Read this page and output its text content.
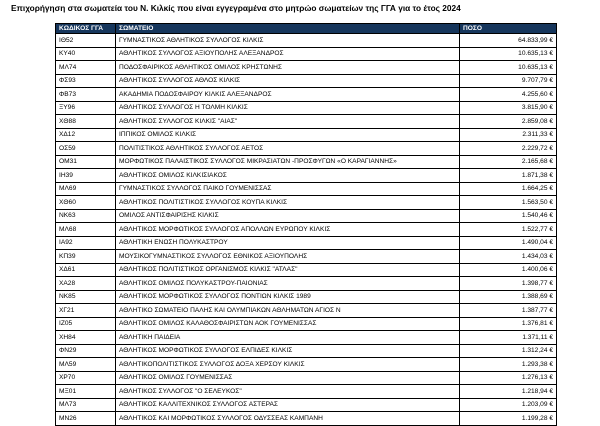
Επιχορήγηση στα σωματεία του Ν. Κιλκίς που είναι εγγεγραμένα στο μητρώο σωματείων της ΓΓΑ για το έτος 2024
ΚΩΔΙΚΟΣ ΓΓΑ	ΣΩΜΑΤΕΙΟ	ΠΟΣΟ
ΙΘ52	ΓΥΜΝΑΣΤΙΚΟΣ ΑΘΛΗΤΙΚΟΣ ΣΥΛΛΟΓΟΣ ΚΙΛΚΙΣ	64.833,99 €
ΚΥ40	ΑΘΛΗΤΙΚΟΣ ΣΥΛΛΟΓΟΣ ΑΞΙΟΥΠΟΛΗΣ ΑΛΕΞΑΝΔΡΟΣ	10.635,13 €
ΜΛ74	ΠΟΔΟΣΦΑΙΡΙΚΟΣ ΑΘΛΗΤΙΚΟΣ ΟΜΙΛΟΣ ΚΡΗΣΤΩΝΗΣ	10.635,13 €
ΦΣ93	ΑΘΛΗΤΙΚΟΣ ΣΥΛΛΟΓΟΣ ΑΘΛΟΣ ΚΙΛΚΙΣ	9.707,79 €
ΦΒ73	ΑΚΑΔΗΜΙΑ ΠΟΔΟΣΦΑΙΡΟΥ ΚΙΛΚΙΣ ΑΛΕΞΑΝΔΡΟΣ	4.255,60 €
ΞΥ96	ΑΘΛΗΤΙΚΟΣ ΣΥΛΛΟΓΟΣ Η ΤΟΛΜΗ ΚΙΛΚΙΣ	3.815,90 €
ΧΘ88	ΑΘΛΗΤΙΚΟΣ ΣΥΛΛΟΓΟΣ ΚΙΛΚΙΣ "ΑΙΑΣ"	2.859,08 €
ΧΔ12	ΙΠΠΙΚΟΣ ΟΜΙΛΟΣ ΚΙΛΚΙΣ	2.311,33 €
ΟΣ59	ΠΟΛΙΤΙΣΤΙΚΟΣ ΑΘΛΗΤΙΚΟΣ ΣΥΛΛΟΓΟΣ ΑΕΤΟΣ	2.229,72 €
ΟΜ31	ΜΟΡΦΩΤΙΚΟΣ ΠΑΛΑΙΣΤΙΚΟΣ ΣΥΛΛΟΓΟΣ ΜΙΚΡΑΣΙΑΤΩΝ -ΠΡΟΣΦΥΓΩΝ «Ο ΚΑΡΑΓΙΑΝΝΗΣ»	2.165,68 €
ΙΗ39	ΑΘΛΗΤΙΚΟΣ ΟΜΙΛΟΣ ΚΙΛΚΙΣΙΑΚΟΣ	1.871,38 €
ΜΛ69	ΓΥΜΝΑΣΤΙΚΟΣ ΣΥΛΛΟΓΟΣ ΠΑΙΚΟ ΓΟΥΜΕΝΙΣΣΑΣ	1.664,25 €
ΧΘ60	ΑΘΛΗΤΙΚΟΣ ΠΟΛΙΤΙΣΤΙΚΟΣ ΣΥΛΛΟΓΟΣ ΚΟΥΠΑ ΚΙΛΚΙΣ	1.563,50 €
ΝΚ63	ΟΜΙΛΟΣ ΑΝΤΙΣΦΑΙΡΙΣΗΣ ΚΙΛΚΙΣ	1.540,46 €
ΜΛ68	ΑΘΛΗΤΙΚΟΣ ΜΟΡΦΩΤΙΚΟΣ ΣΥΛΛΟΓΟΣ ΑΠΟΛΛΩΝ ΕΥΡΩΠΟΥ ΚΙΛΚΙΣ	1.522,77 €
ΙΑ92	ΑΘΛΗΤΙΚΗ ΕΝΩΣΗ ΠΟΛΥΚΑΣΤΡΟΥ	1.490,04 €
ΚΠ39	ΜΟΥΣΙΚΟΓΥΜΝΑΣΤΙΚΟΣ ΣΥΛΛΟΓΟΣ ΕΘΝΙΚΟΣ ΑΞΙΟΥΠΟΛΗΣ	1.434,03 €
ΧΔ61	ΑΘΛΗΤΙΚΟΣ ΠΟΛΙΤΙΣΤΙΚΟΣ ΟΡΓΑΝΙΣΜΟΣ ΚΙΛΚΙΣ "ΑΤΛΑΣ"	1.400,06 €
ΧΑ28	ΑΘΛΗΤΙΚΟΣ ΟΜΙΛΟΣ ΠΟΛΥΚΑΣΤΡΟΥ-ΠΑΙΟΝΙΑΣ	1.398,77 €
ΝΚ85	ΑΘΛΗΤΙΚΟΣ ΜΟΡΦΩΤΙΚΟΣ ΣΥΛΛΟΓΟΣ ΠΟΝΤΙΩΝ ΚΙΛΚΙΣ 1989	1.388,69 €
ΧΓ21	ΑΘΛΗΤΙΚΟ ΣΩΜΑΤΕΙΟ ΠΑΛΗΣ ΚΑΙ ΟΛΥΜΠΙΑΚΩΝ ΑΘΛΗΜΑΤΩΝ ΑΓΙΟΣ Ν	1.387,77 €
ΙΖ05	ΑΘΛΗΤΙΚΟΣ ΟΜΙΛΟΣ ΚΑΛΑΘΟΣΦΑΙΡΙΣΤΩΝ ΑΟΚ ΓΟΥΜΕΝΙΣΣΑΣ	1.376,81 €
ΧΗ84	ΑΘΛΗΤΙΚΗ ΠΑΙΔΕΙΑ	1.371,11 €
ΦΝ29	ΑΘΛΗΤΙΚΟΣ ΜΟΡΦΩΤΙΚΟΣ ΣΥΛΛΟΓΟΣ ΕΛΠΙΔΕΣ ΚΙΛΚΙΣ	1.312,24 €
ΜΛ59	ΑΘΛΗΤΙΚΟΠΟΛΙΤΙΣΤΙΚΟΣ ΣΥΛΛΟΓΟΣ ΔΟΞΑ ΧΕΡΣΟΥ ΚΙΛΚΙΣ	1.293,38 €
ΧΡ70	ΑΘΛΗΤΙΚΟΣ ΟΜΙΛΟΣ ΓΟΥΜΕΝΙΣΣΑΣ	1.276,13 €
ΜΞ01	ΑΘΛΗΤΙΚΟΣ ΣΥΛΛΟΓΟΣ "Ο ΣΕΛΕΥΚΟΣ"	1.218,94 €
ΜΛ73	ΑΘΛΗΤΙΚΟΣ ΚΑΛΛΙΤΕΧΝΙΚΟΣ ΣΥΛΛΟΓΟΣ ΑΣΤΕΡΑΣ	1.203,09 €
ΜΝ26	ΑΘΛΗΤΙΚΟΣ ΚΑΙ ΜΟΡΦΩΤΙΚΟΣ ΣΥΛΛΟΓΟΣ ΟΔΥΣΣΕΑΣ ΚΑΜΠΑΝΗ	1.199,28 €
